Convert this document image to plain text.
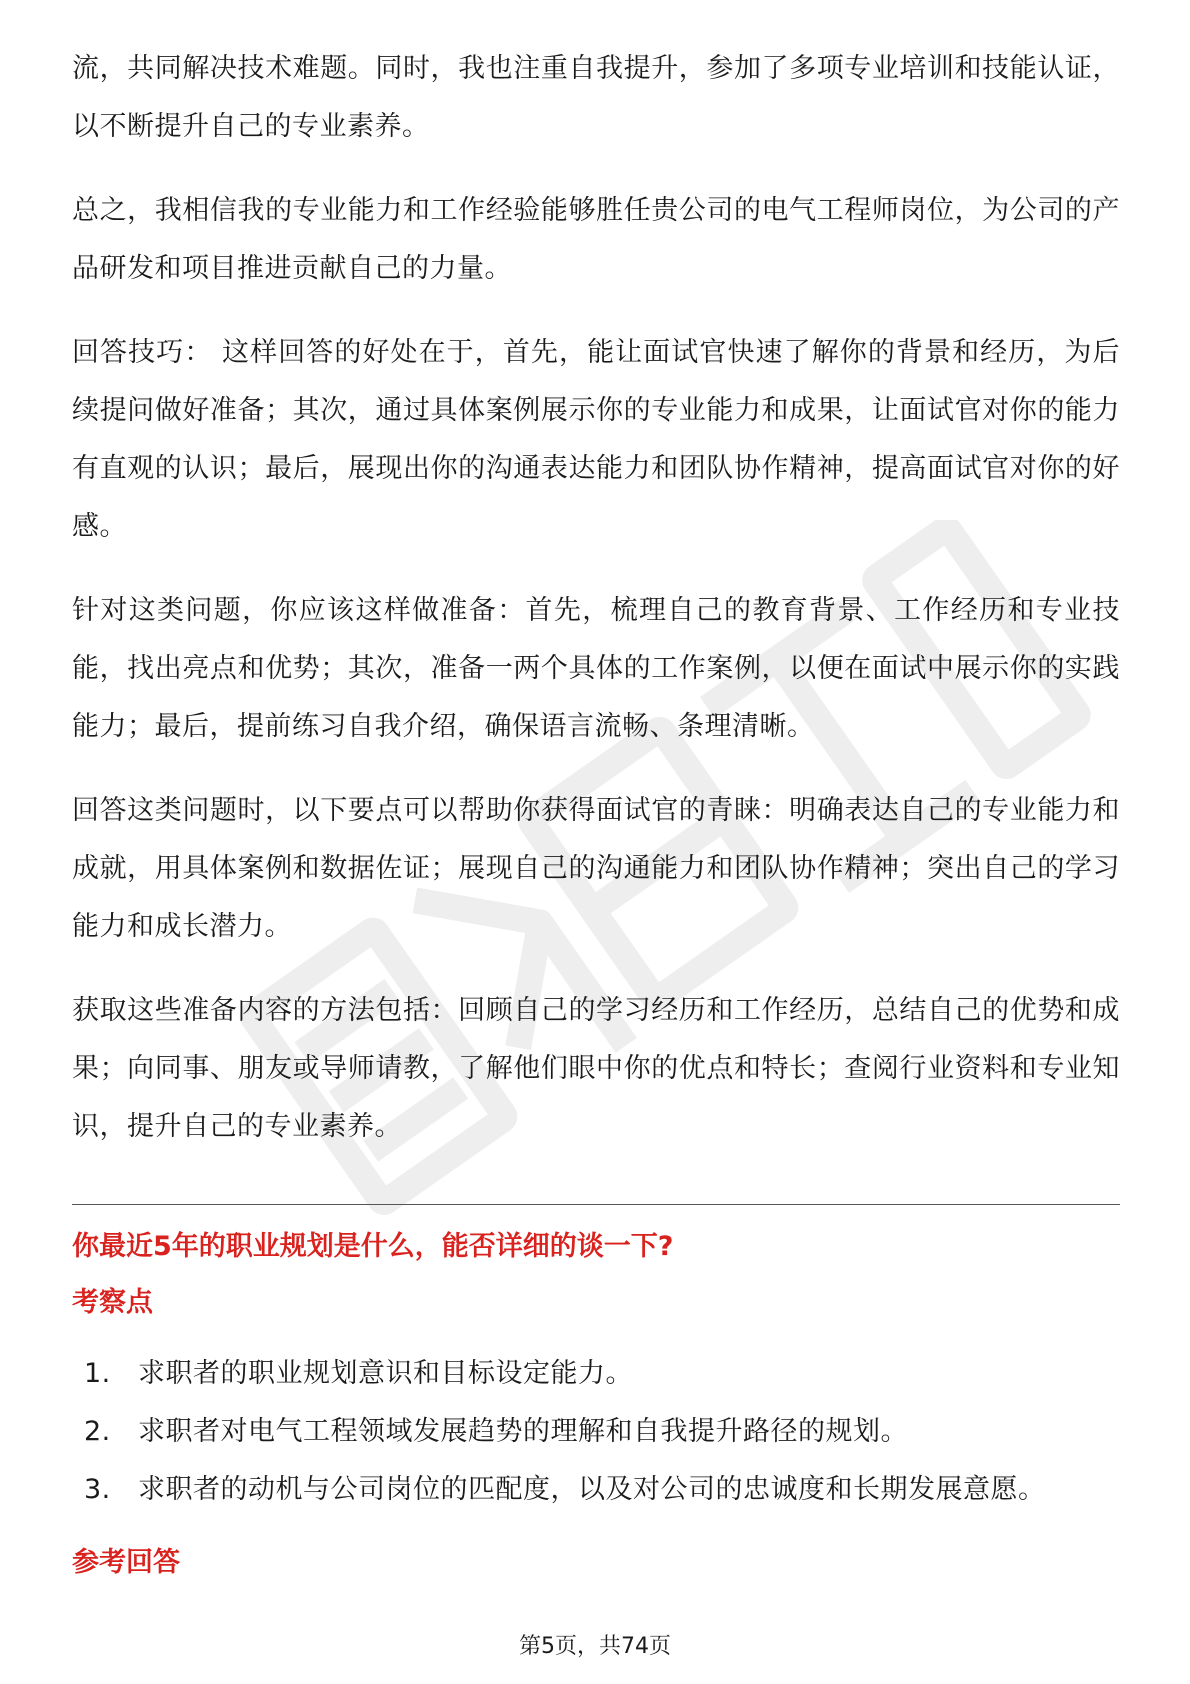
流，共同解决技术难题。同时，我也注重自我提升，参加了多项专业培训和技能认证，以不断提升自己的专业素养。

总之，我相信我的专业能力和工作经验能够胜任贵公司的电气工程师岗位，为公司的产品研发和项目推进贡献自己的力量。

回答技巧： 这样回答的好处在于，首先，能让面试官快速了解你的背景和经历，为后续提问做好准备；其次，通过具体案例展示你的专业能力和成果，让面试官对你的能力有直观的认识；最后，展现出你的沟通表达能力和团队协作精神，提高面试官对你的好感。

针对这类问题，你应该这样做准备：首先，梳理自己的教育背景、工作经历和专业技能，找出亮点和优势；其次，准备一两个具体的工作案例，以便在面试中展示你的实践能力；最后，提前练习自我介绍，确保语言流畅、条理清晰。

回答这类问题时，以下要点可以帮助你获得面试官的青睐：明确表达自己的专业能力和成就，用具体案例和数据佐证；展现自己的沟通能力和团队协作精神；突出自己的学习能力和成长潜力。

获取这些准备内容的方法包括：回顾自己的学习经历和工作经历，总结自己的优势和成果；向同事、朋友或导师请教，了解他们眼中你的优点和特长；查阅行业资料和专业知识，提升自己的专业素养。

你最近5年的职业规划是什么，能否详细的谈一下?
考察点
1.	求职者的职业规划意识和目标设定能力。
2.	求职者对电气工程领域发展趋势的理解和自我提升路径的规划。
3.	求职者的动机与公司岗位的匹配度，以及对公司的忠诚度和长期发展意愿。
参考回答
第5页，共74页
